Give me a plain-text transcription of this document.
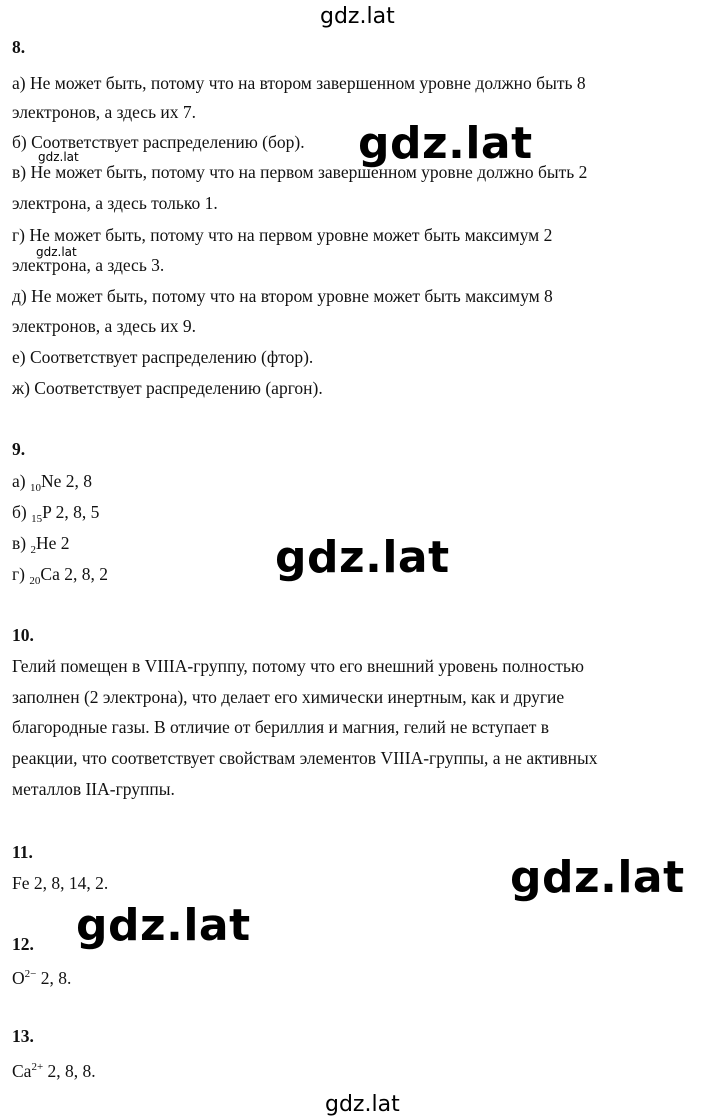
gdz.lat
gdz.lat
gdz.lat
gdz.lat
gdz.lat
gdz.lat
gdz.lat
gdz.lat
8.
а) Не может быть, потому что на втором завершенном уровне должно быть 8
электронов, а здесь их 7.
б) Соответствует распределению (бор).
в) Не может быть, потому что на первом завершенном уровне должно быть 2
электрона, а здесь только 1.
г) Не может быть, потому что на первом уровне может быть максимум 2
электрона, а здесь 3.
д) Не может быть, потому что на втором уровне может быть максимум 8
электронов, а здесь их 9.
е) Соответствует распределению (фтор).
ж) Соответствует распределению (аргон).
9.
а) $_{10}$Ne 2, 8
б) $_{15}$P 2, 8, 5
в) $_2$He 2
г) $_{20}$Ca 2, 8, 2
10.
Гелий помещен в VIIIA-группу, потому что его внешний уровень полностью
заполнен (2 электрона), что делает его химически инертным, как и другие
благородные газы. В отличие от бериллия и магния, гелий не вступает в
реакции, что соответствует свойствам элементов VIIIA-группы, а не активных
металлов IIA-группы.
11.
Fe 2, 8, 14, 2.
12.
$O^{2-}$ 2, 8.
13.
$Ca^{2+}$ 2, 8, 8.
